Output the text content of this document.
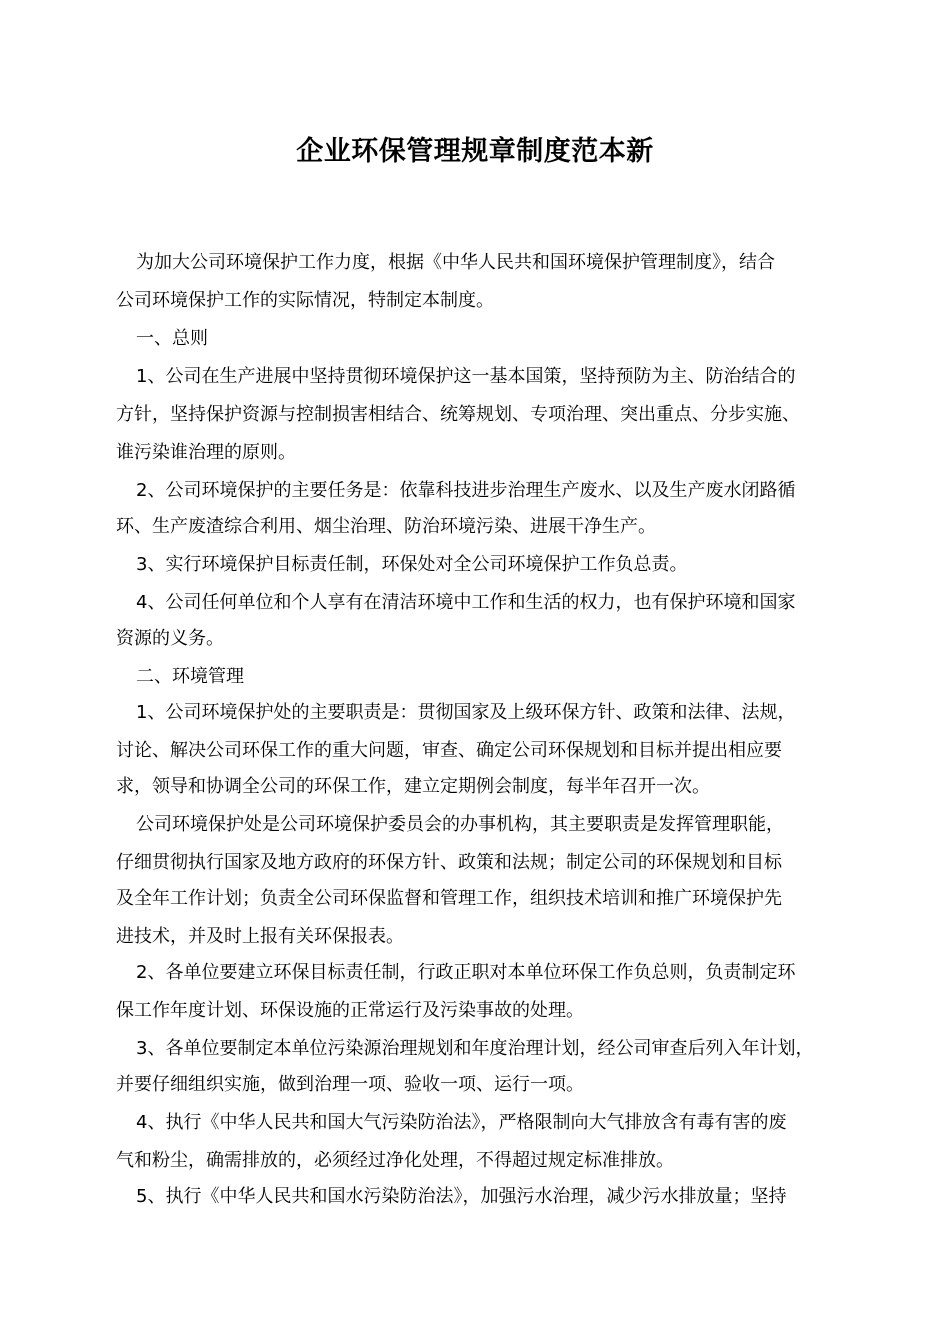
企业环保管理规章制度范本新
为加大公司环境保护工作力度，根据《中华人民共和国环境保护管理制度》，结合
公司环境保护工作的实际情况，特制定本制度。
一、总则
1、公司在生产进展中坚持贯彻环境保护这一基本国策，坚持预防为主、防治结合的
方针，坚持保护资源与控制损害相结合、统筹规划、专项治理、突出重点、分步实施、
谁污染谁治理的原则。
2、公司环境保护的主要任务是：依靠科技进步治理生产废水、以及生产废水闭路循
环、生产废渣综合利用、烟尘治理、防治环境污染、进展干净生产。
3、实行环境保护目标责任制，环保处对全公司环境保护工作负总责。
4、公司任何单位和个人享有在清洁环境中工作和生活的权力，也有保护环境和国家
资源的义务。
二、环境管理
1、公司环境保护处的主要职责是：贯彻国家及上级环保方针、政策和法律、法规，
讨论、解决公司环保工作的重大问题，审查、确定公司环保规划和目标并提出相应要
求，领导和协调全公司的环保工作，建立定期例会制度，每半年召开一次。
公司环境保护处是公司环境保护委员会的办事机构，其主要职责是发挥管理职能，
仔细贯彻执行国家及地方政府的环保方针、政策和法规；制定公司的环保规划和目标
及全年工作计划；负责全公司环保监督和管理工作，组织技术培训和推广环境保护先
进技术，并及时上报有关环保报表。
2、各单位要建立环保目标责任制，行政正职对本单位环保工作负总则，负责制定环
保工作年度计划、环保设施的正常运行及污染事故的处理。
3、各单位要制定本单位污染源治理规划和年度治理计划，经公司审查后列入年计划，
并要仔细组织实施，做到治理一项、验收一项、运行一项。
4、执行《中华人民共和国大气污染防治法》，严格限制向大气排放含有毒有害的废
气和粉尘，确需排放的，必须经过净化处理，不得超过规定标准排放。
5、执行《中华人民共和国水污染防治法》，加强污水治理，减少污水排放量；坚持
